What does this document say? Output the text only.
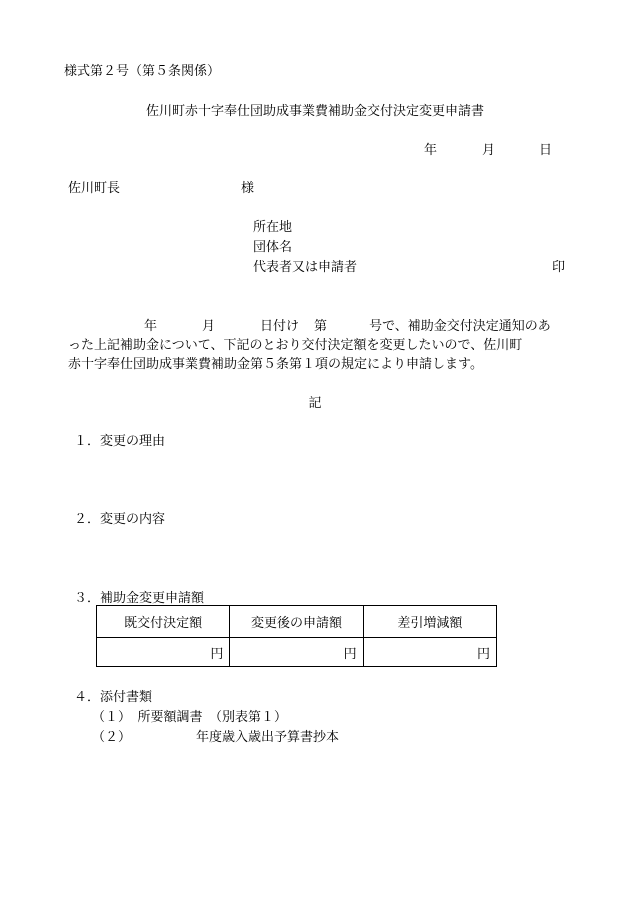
様式第２号（第５条関係）
佐川町赤十字奉仕団助成事業費補助金交付決定変更申請書
年	月	日
佐川町長	様
所在地
団体名
代表者又は申請者	印
年	月	日付け 第	号で、補助金交付決定通知のあ
った上記補助金について、下記のとおり交付決定額を変更したいので、佐川町
赤十字奉仕団助成事業費補助金第５条第１項の規定により申請します。
記
１．変更の理由
２．変更の内容
３．補助金変更申請額
既交付決定額	変更後の申請額	差引増減額
円	円	円
４．添付書類
（１）　所要額調書　（別表第１）
（２）	年度歳入歳出予算書抄本
